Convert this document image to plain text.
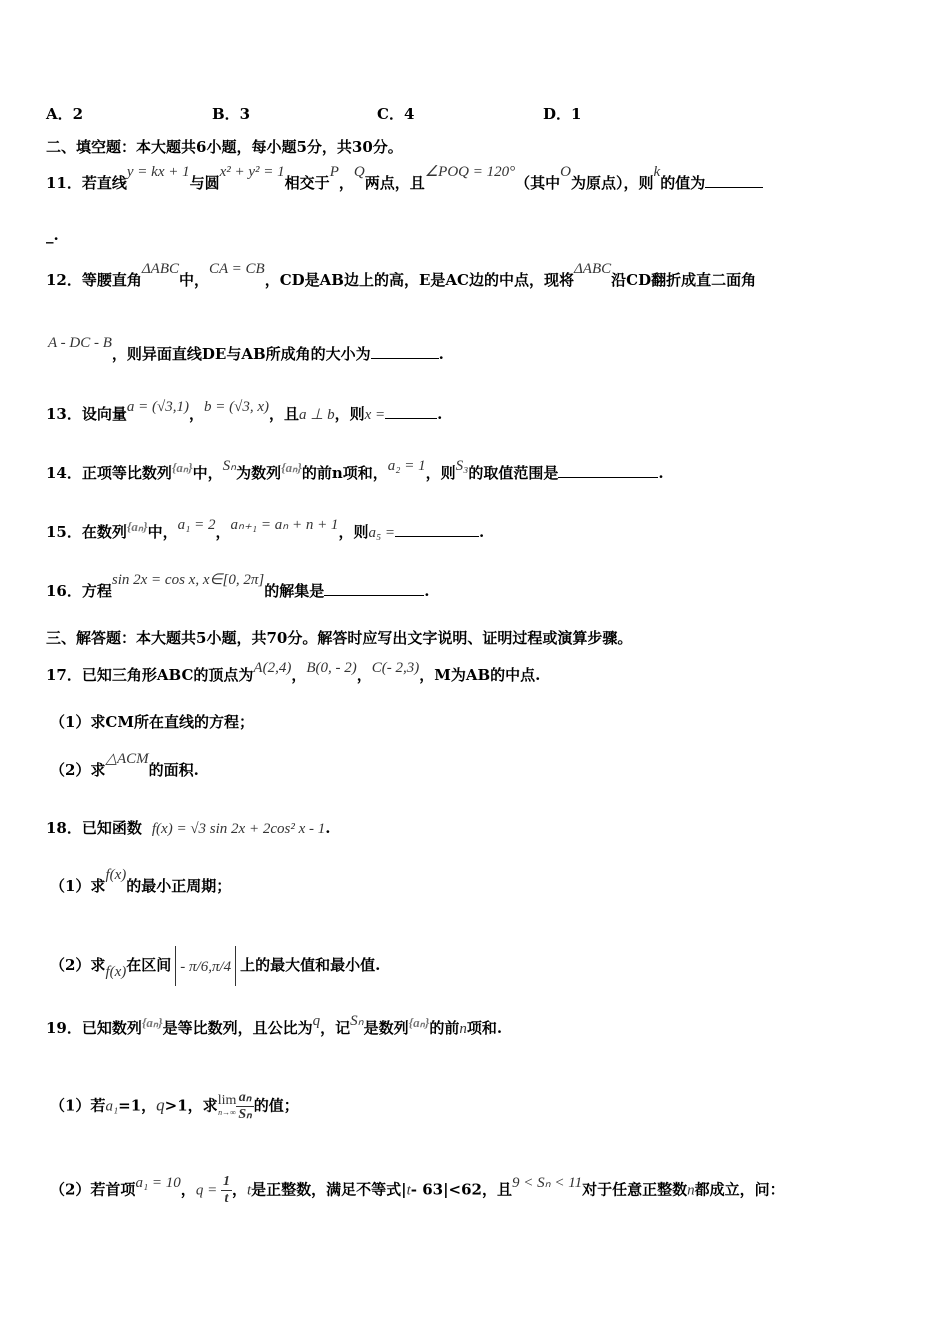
A．2	B．3	C．4	D．1
二、填空题：本大题共6小题，每小题5分，共30分。
11．若直线y = kx + 1与圆x² + y² = 1相交于P，Q两点，且∠POQ = 120°（其中O为原点），则k的值为
_.
12．等腰直角ΔABC中，CA = CB，CD是AB边上的高，E是AC边的中点，现将ΔABC沿CD翻折成直二面角
A - DC - B，则异面直线DE与AB所成角的大小为	.
13．设向量a = (√3,1)，b = (√3, x)，且a ⊥ b，则x =	.
14．正项等比数列{aₙ}中，Sₙ为数列{aₙ}的前n项和，a₂ = 1，则S₃的取值范围是	.
15．在数列{aₙ}中，a₁ = 2，aₙ₊₁ = aₙ + n + 1，则a₅ =	.
16．方程sin 2x = cos x, x∈[0, 2π]的解集是	.
三、解答题：本大题共5小题，共70分。解答时应写出文字说明、证明过程或演算步骤。
17．已知三角形ABC的顶点为A(2,4)，B(0, - 2)，C(- 2,3)，M为AB的中点.
（1）求CM所在直线的方程；
（2）求△ACM的面积.
18．已知函数 f(x) = √3 sin 2x + 2cos² x - 1.
（1）求f(x)的最小正周期；
（2）求f(x)在区间 - π/6,π/4 上的最大值和最小值.
19．已知数列{aₙ}是等比数列，且公比为q，记Sₙ是数列{aₙ}的前n项和.
（1）若a₁=1，q>1，求 lim
$n\to\infty \frac{\text{aₙ}}{\text{Sₙ}}$ 的值；
（2）若首项a₁ = 10，$q = \frac{1}{t}$ ，t是正整数，满足不等式|t- 63|<62，且9 < Sₙ < 11对于任意正整数n都成立，问：
